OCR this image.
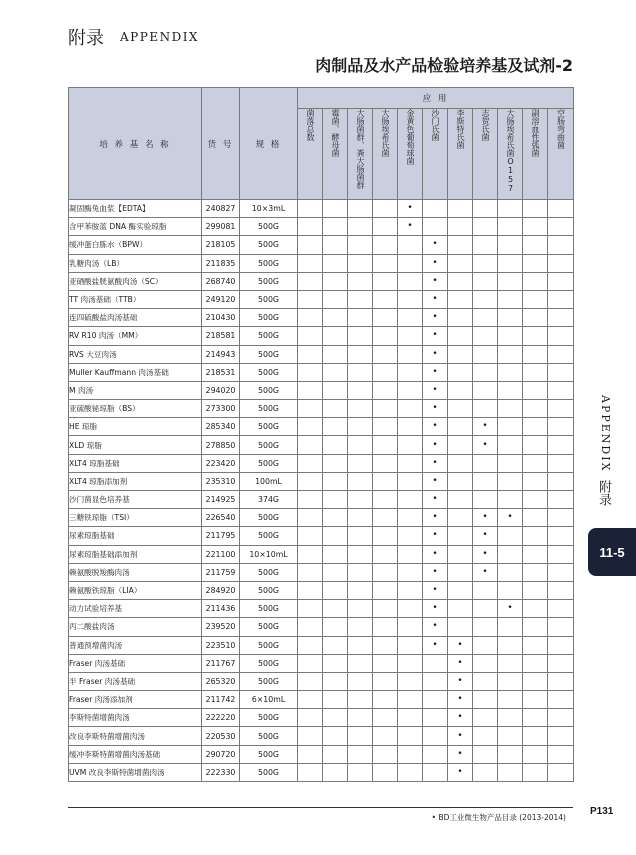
附录 APPENDIX
肉制品及水产品检验培养基及试剂-2
培 养 基 名 称	货 号	规 格	应 用										
			菌落总数	霉菌、酵母菌	大肠菌群、粪大肠菌群	大肠埃希氏菌	金黄色葡萄球菌	沙门氏菌	李斯特氏菌	志贺氏菌	大肠埃希氏菌O157	副溶血性弧菌	空肠弯曲菌
凝固酶兔血浆【EDTA】	240827	10×3mL					•						
含甲苯胺蓝 DNA 酶实验琼脂	299081	500G					•						
缓冲蛋白胨水（BPW）	218105	500G						•					
乳糖肉汤（LB）	211835	500G						•					
亚硒酸盐胱氨酸肉汤（SC）	268740	500G						•					
TT 肉汤基础（TTB）	249120	500G						•					
连四硫酸盐肉汤基础	210430	500G						•					
RV R10 肉汤（MM）	218581	500G						•					
RVS 大豆肉汤	214943	500G						•					
Muller Kauffmann 肉汤基础	218531	500G						•					
M 肉汤	294020	500G						•					
亚硫酸铋琼脂（BS）	273300	500G						•					
HE 琼脂	285340	500G						•		•			
XLD 琼脂	278850	500G						•		•			
XLT4 琼脂基础	223420	500G						•					
XLT4 琼脂添加剂	235310	100mL						•					
沙门菌显色培养基	214925	374G						•					
三糖铁琼脂（TSI）	226540	500G						•		•	•		
尿素琼脂基础	211795	500G						•		•			
尿素琼脂基础添加剂	221100	10×10mL						•		•			
赖氨酸脱羧酶肉汤	211759	500G						•		•			
赖氨酸铁琼脂（LIA）	284920	500G						•					
动力试验培养基	211436	500G						•			•		
丙二酸盐肉汤	239520	500G						•					
普通预增菌肉汤	223510	500G						•	•				
Fraser 肉汤基础	211767	500G							•				
半 Fraser 肉汤基础	265320	500G							•				
Fraser 肉汤添加剂	211742	6×10mL							•				
李斯特菌增菌肉汤	222220	500G							•				
改良李斯特菌增菌肉汤	220530	500G							•				
缓冲李斯特菌增菌肉汤基础	290720	500G							•				
UVM 改良李斯特菌增菌肉汤	222330	500G							•				
APPENDIX
附录
11-5
• BD工业微生物产品目录 (2013-2014)
P131
